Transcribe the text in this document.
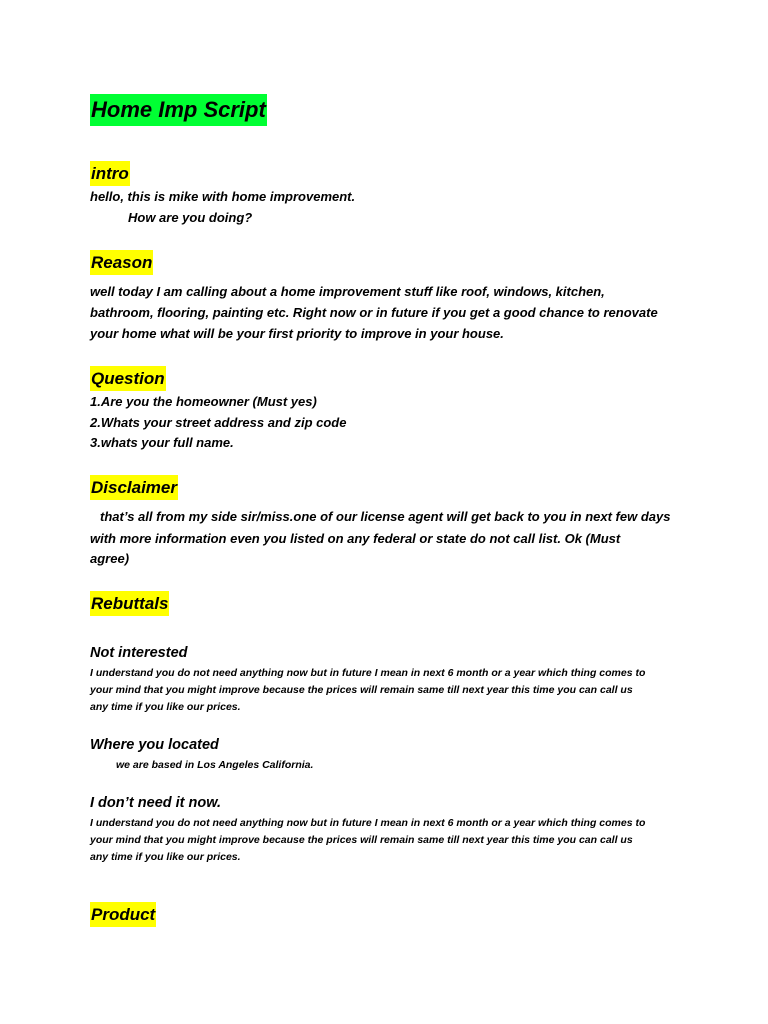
Home Imp Script
intro
hello, this is mike with home improvement.
How are you doing?
Reason
well today I am calling about a home improvement stuff like roof, windows, kitchen,
bathroom, flooring, painting etc. Right now or in future if you get a good chance to renovate
your home what will be your first priority to improve in your house.
Question
1.Are you the homeowner (Must yes)
2.Whats your street address and zip code
3.whats your full name.
Disclaimer
that’s all from my side sir/miss.one of our license agent will get back to you in next few days
with more information even you listed on any federal or state do not call list. Ok (Must
agree)
Rebuttals
Not interested
I understand you do not need anything now but in future I mean in next 6 month or a year which thing comes to
your mind that you might improve because the prices will remain same till next year this time you can call us
any time if you like our prices.
Where you located
we are based in Los Angeles California.
I don’t need it now.
I understand you do not need anything now but in future I mean in next 6 month or a year which thing comes to
your mind that you might improve because the prices will remain same till next year this time you can call us
any time if you like our prices.
Product
